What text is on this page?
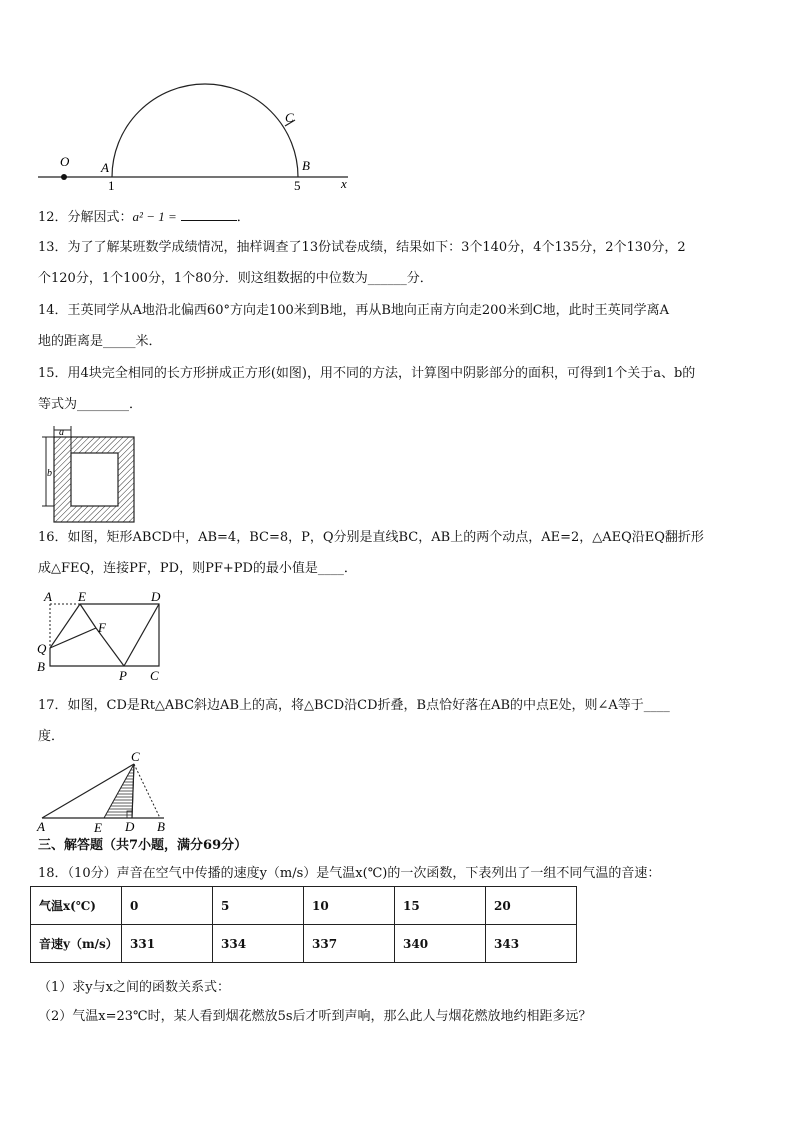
O A	B
C
x
1	5
12．分解因式：a² − 1 =	．
13．为了了解某班数学成绩情况，抽样调查了13份试卷成绩，结果如下：3个140分，4个135分，2个130分，2
个120分，1个100分，1个80分．则这组数据的中位数为______分．
14．王英同学从A地沿北偏西60°方向走100米到B地，再从B地向正南方向走200米到C地，此时王英同学离A
地的距离是_____米．
15．用4块完全相同的长方形拼成正方形(如图)，用不同的方法，计算图中阴影部分的面积，可得到1个关于a、b的
等式为________．
a
b
16．如图，矩形ABCD中，AB=4，BC=8，P，Q分别是直线BC，AB上的两个动点，AE=2，△AEQ沿EQ翻折形
成△FEQ，连接PF，PD，则PF+PD的最小值是____．
A E	D
F
Q
B
P C
17．如图，CD是Rt△ABC斜边AB上的高，将△BCD沿CD折叠，B点恰好落在AB的中点E处，则∠A等于____
度．
C
A	E D B
三、解答题（共7小题，满分69分）
18．（10分）声音在空气中传播的速度y（m/s）是气温x(℃)的一次函数，下表列出了一组不同气温的音速：
气温x(℃)	0	5	10	15	20
音速y（m/s）	331	334	337	340	343
（1）求y与x之间的函数关系式：
（2）气温x=23℃时，某人看到烟花燃放5s后才听到声响，那么此人与烟花燃放地约相距多远？
